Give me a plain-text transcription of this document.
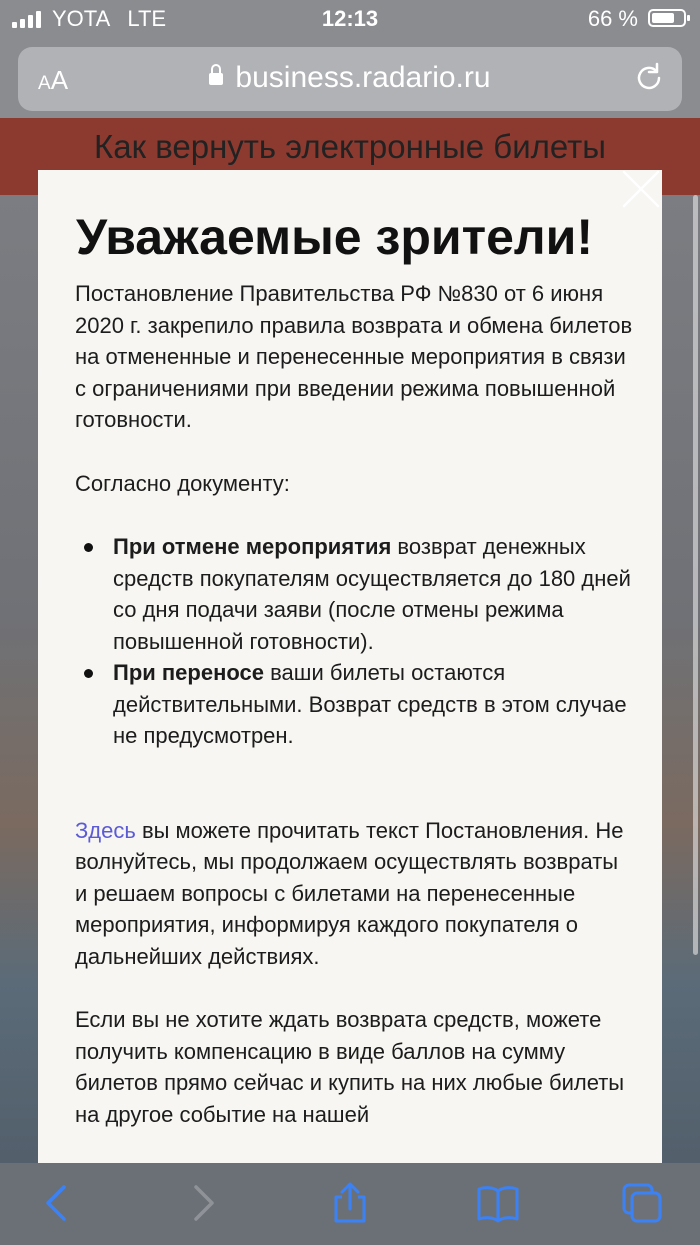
Как вернуть электронные билеты
YOTA   LTE	12:13	66 %
AA	business.radario.ru
Уважаемые зрители!

Постановление Правительства РФ №830 от 6 июня 2020 г. закрепило правила возврата и обмена билетов на отмененные и перенесенные мероприятия в связи с ограничениями при введении режима повышенной готовности.

Согласно документу:

При отмене мероприятия возврат денежных средств покупателям осуществляется до 180 дней со дня подачи заяви (после отмены режима повышенной готовности).
При переносе ваши билеты остаются действительными. Возврат средств в этом случае не предусмотрен.

Здесь вы можете прочитать текст Постановления. Не волнуйтесь, мы продолжаем осуществлять возвраты и решаем вопросы с билетами на перенесенные мероприятия, информируя каждого покупателя о дальнейших действиях.

Если вы не хотите ждать возврата средств, можете получить компенсацию в виде баллов на сумму билетов прямо сейчас и купить на них любые билеты на другое событие на нашей
